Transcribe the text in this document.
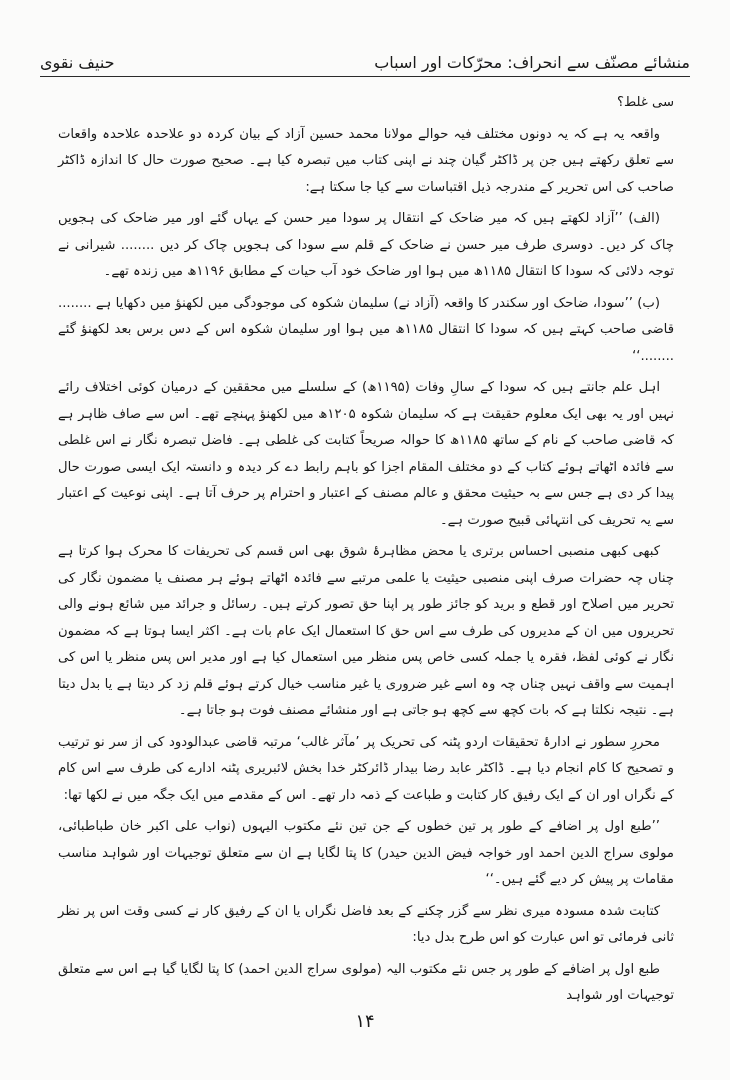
منشائے مصنّف سے انحراف: محرّکات اور اسباب
حنیف نقوی

سی غلط؟

واقعہ یہ ہے کہ یہ دونوں مختلف فیہ حوالے مولانا محمد حسین آزاد کے بیان کردہ دو علاحدہ علاحدہ واقعات سے تعلق رکھتے ہیں جن پر ڈاکٹر گیان چند نے اپنی کتاب میں تبصرہ کیا ہے۔ صحیح صورت حال کا اندازہ ڈاکٹر صاحب کی اس تحریر کے مندرجہ ذیل اقتباسات سے کیا جا سکتا ہے:

(الف) ’’آزاد لکھتے ہیں کہ میر ضاحک کے انتقال پر سودا میر حسن کے یہاں گئے اور میر ضاحک کی ہجویں چاک کر دیں۔ دوسری طرف میر حسن نے ضاحک کے قلم سے سودا کی ہجویں چاک کر دیں ........ شیرانی نے توجہ دلائی کہ سودا کا انتقال ۱۱۸۵ھ میں ہوا اور ضاحک خود آب حیات کے مطابق ۱۱۹۶ھ میں زندہ تھے۔

(ب) ’’سودا، ضاحک اور سکندر کا واقعہ (آزاد نے) سلیمان شکوہ کی موجودگی میں لکھنؤ میں دکھایا ہے ........ قاضی صاحب کہتے ہیں کہ سودا کا انتقال ۱۱۸۵ھ میں ہوا اور سلیمان شکوہ اس کے دس برس بعد لکھنؤ گئے ........‘‘

اہل علم جانتے ہیں کہ سودا کے سالِ وفات (۱۱۹۵ھ) کے سلسلے میں محققین کے درمیان کوئی اختلاف رائے نہیں اور یہ بھی ایک معلوم حقیقت ہے کہ سلیمان شکوہ ۱۲۰۵ھ میں لکھنؤ پہنچے تھے۔ اس سے صاف ظاہر ہے کہ قاضی صاحب کے نام کے ساتھ ۱۱۸۵ھ کا حوالہ صریحاً کتابت کی غلطی ہے۔ فاضل تبصرہ نگار نے اس غلطی سے فائدہ اٹھاتے ہوئے کتاب کے دو مختلف المقام اجزا کو باہم رابط دے کر دیدہ و دانستہ ایک ایسی صورت حال پیدا کر دی ہے جس سے بہ حیثیت محقق و عالم مصنف کے اعتبار و احترام پر حرف آتا ہے۔ اپنی نوعیت کے اعتبار سے یہ تحریف کی انتہائی قبیح صورت ہے۔

کبھی کبھی منصبی احساس برتری یا محض مظاہرۂ شوق بھی اس قسم کی تحریفات کا محرک ہوا کرتا ہے چناں چہ حضرات صرف اپنی منصبی حیثیت یا علمی مرتبے سے فائدہ اٹھاتے ہوئے ہر مصنف یا مضمون نگار کی تحریر میں اصلاح اور قطع و برید کو جائز طور پر اپنا حق تصور کرتے ہیں۔ رسائل و جرائد میں شائع ہونے والی تحریروں میں ان کے مدیروں کی طرف سے اس حق کا استعمال ایک عام بات ہے۔ اکثر ایسا ہوتا ہے کہ مضمون نگار نے کوئی لفظ، فقرہ یا جملہ کسی خاص پس منظر میں استعمال کیا ہے اور مدیر اس پس منظر یا اس کی اہمیت سے واقف نہیں چناں چہ وہ اسے غیر ضروری یا غیر مناسب خیال کرتے ہوئے قلم زد کر دیتا ہے یا بدل دیتا ہے۔ نتیجہ نکلتا ہے کہ بات کچھ سے کچھ ہو جاتی ہے اور منشائے مصنف فوت ہو جاتا ہے۔

محررِ سطور نے ادارۂ تحقیقات اردو پٹنہ کی تحریک پر ’مآثر غالب‘ مرتبہ قاضی عبدالودود کی از سر نو ترتیب و تصحیح کا کام انجام دیا ہے۔ ڈاکٹر عابد رضا بیدار ڈائرکٹر خدا بخش لائبریری پٹنہ ادارے کی طرف سے اس کام کے نگراں اور ان کے ایک رفیق کار کتابت و طباعت کے ذمہ دار تھے۔ اس کے مقدمے میں ایک جگہ میں نے لکھا تھا:

’’طبع اول پر اضافے کے طور پر تین خطوں کے جن تین نئے مکتوب الیہوں (نواب علی اکبر خان طباطبائی، مولوی سراج الدین احمد اور خواجہ فیض الدین حیدر) کا پتا لگایا ہے ان سے متعلق توجیہات اور شواہد مناسب مقامات پر پیش کر دیے گئے ہیں۔‘‘

کتابت شدہ مسودہ میری نظر سے گزر چکنے کے بعد فاضل نگراں یا ان کے رفیق کار نے کسی وقت اس پر نظر ثانی فرمائی تو اس عبارت کو اس طرح بدل دیا:

طبع اول پر اضافے کے طور پر جس نئے مکتوب الیہ (مولوی سراج الدین احمد) کا پتا لگایا گیا ہے اس سے متعلق توجیہات اور شواہد

۱۴
